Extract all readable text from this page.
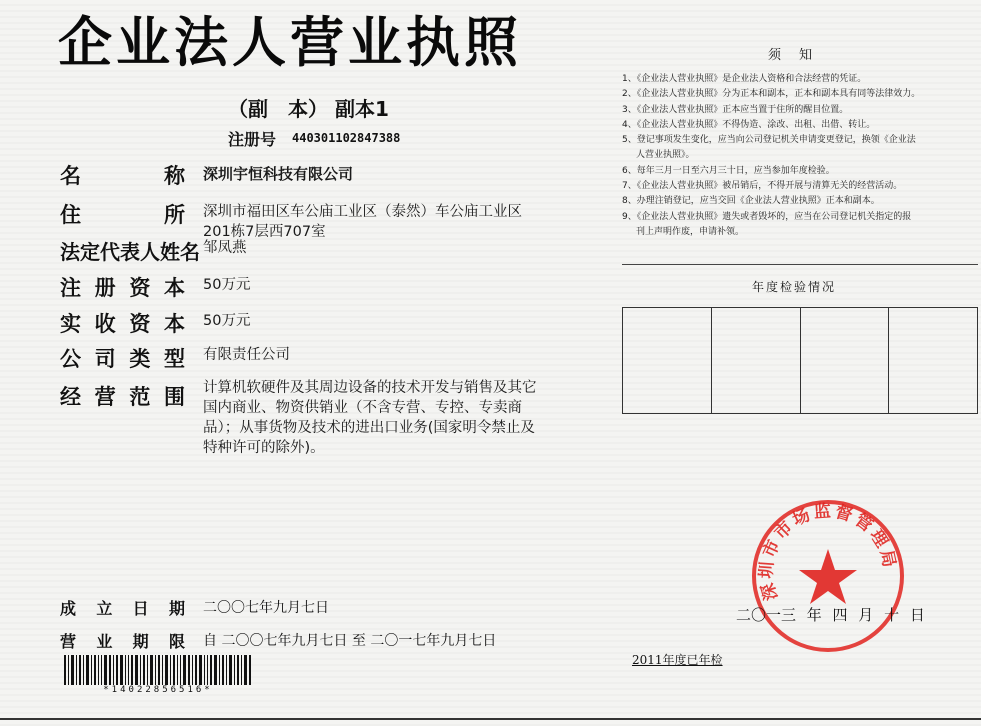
企业法人营业执照
（副　本） 副本1
注册号 440301102847388
名　　称 深圳宇恒科技有限公司
住　　所 深圳市福田区车公庙工业区（泰然）车公庙工业区201栋7层西707室
法定代表人姓名 邹凤燕
注册资本 50万元
实收资本 50万元
公司类型 有限责任公司
经营范围 计算机软硬件及其周边设备的技术开发与销售及其它国内商业、物资供销业（不含专营、专控、专卖商品）；从事货物及技术的进出口业务(国家明令禁止及特种许可的除外)。
成立日期 二〇〇七年九月七日
营业期限 自 二〇〇七年九月七日 至 二〇一七年九月七日
*14022856516*
须知
1、《企业法人营业执照》是企业法人资格和合法经营的凭证。
2、《企业法人营业执照》分为正本和副本，正本和副本具有同等法律效力。
3、《企业法人营业执照》正本应当置于住所的醒目位置。
4、《企业法人营业执照》不得伪造、涂改、出租、出借、转让。
5、登记事项发生变化，应当向公司登记机关申请变更登记，换领《企业法
人营业执照》。
6、每年三月一日至六月三十日，应当参加年度检验。
7、《企业法人营业执照》被吊销后，不得开展与清算无关的经营活动。
8、办理注销登记，应当交回《企业法人营业执照》正本和副本。
9、《企业法人营业执照》遗失或者毁坏的，应当在公司登记机关指定的报
刊上声明作废，申请补领。
年度检验情况
深圳市市场监督管理局
二〇一三 年 四 月 十 日
2011年度已年检
